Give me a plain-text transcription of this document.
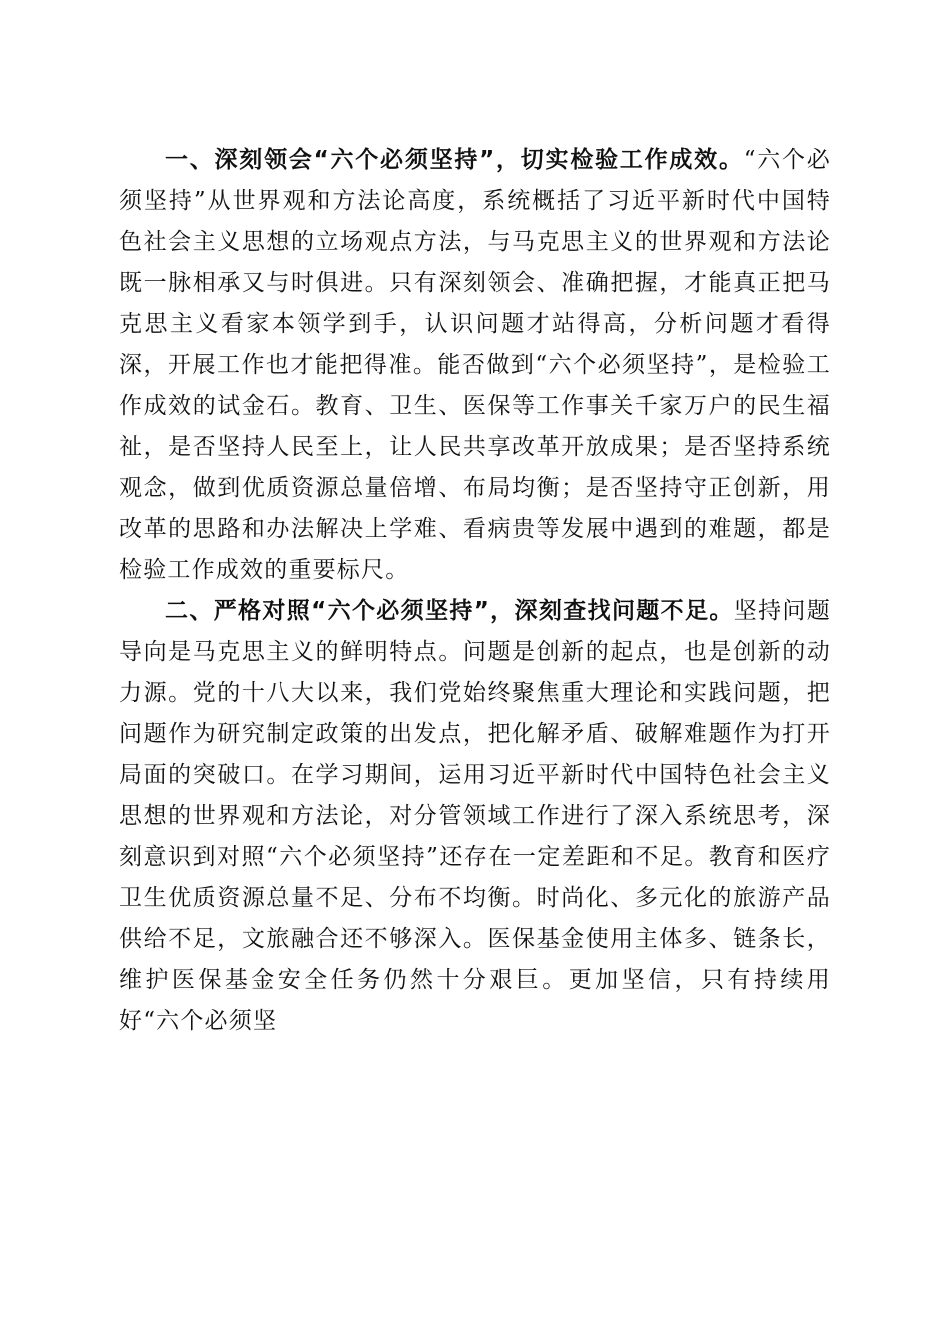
一、深刻领会“六个必须坚持”，切实检验工作成效。“六个必须坚持”从世界观和方法论高度，系统概括了习近平新时代中国特色社会主义思想的立场观点方法，与马克思主义的世界观和方法论既一脉相承又与时俱进。只有深刻领会、准确把握，才能真正把马克思主义看家本领学到手，认识问题才站得高，分析问题才看得深，开展工作也才能把得准。能否做到“六个必须坚持”，是检验工作成效的试金石。教育、卫生、医保等工作事关千家万户的民生福祉，是否坚持人民至上，让人民共享改革开放成果；是否坚持系统观念，做到优质资源总量倍增、布局均衡；是否坚持守正创新，用改革的思路和办法解决上学难、看病贵等发展中遇到的难题，都是检验工作成效的重要标尺。

二、严格对照“六个必须坚持”，深刻查找问题不足。坚持问题导向是马克思主义的鲜明特点。问题是创新的起点，也是创新的动力源。党的十八大以来，我们党始终聚焦重大理论和实践问题，把问题作为研究制定政策的出发点，把化解矛盾、破解难题作为打开局面的突破口。在学习期间，运用习近平新时代中国特色社会主义思想的世界观和方法论，对分管领域工作进行了深入系统思考，深刻意识到对照“六个必须坚持”还存在一定差距和不足。教育和医疗卫生优质资源总量不足、分布不均衡。时尚化、多元化的旅游产品供给不足，文旅融合还不够深入。医保基金使用主体多、链条长，维护医保基金安全任务仍然十分艰巨。更加坚信，只有持续用好“六个必须坚
